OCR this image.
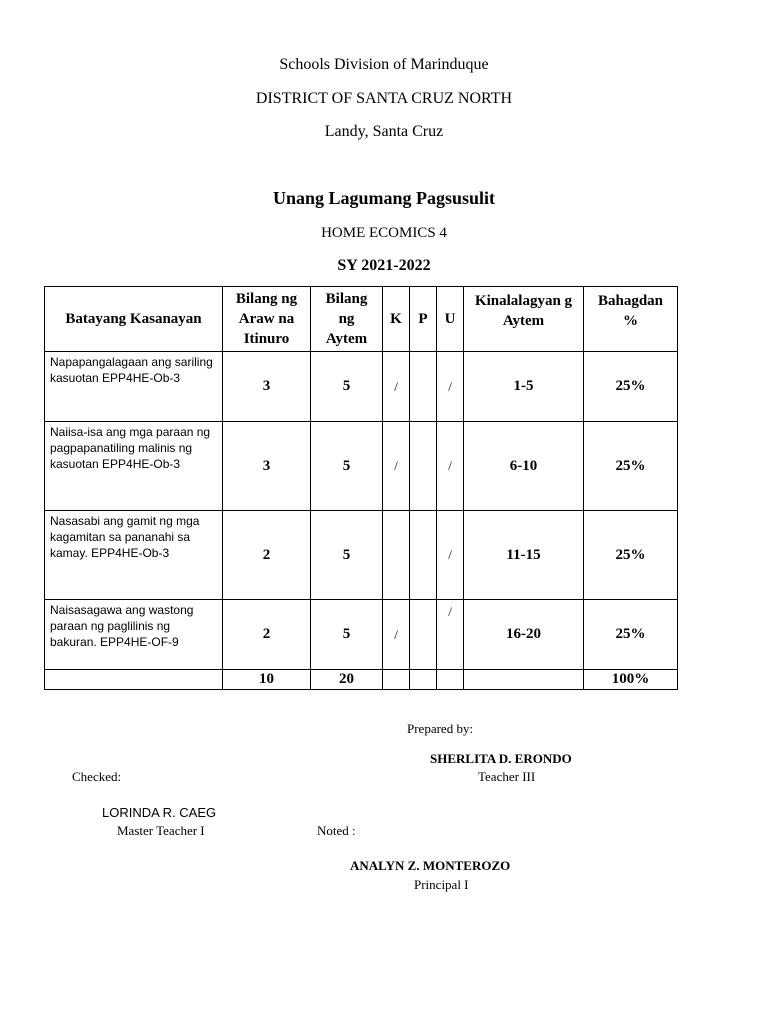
Schools Division of Marinduque
DISTRICT OF SANTA CRUZ NORTH
Landy, Santa Cruz
Unang Lagumang Pagsusulit
HOME ECOMICS 4
SY 2021-2022
Batayang Kasanayan	Bilang ng Araw na Itinuro	Bilang ng Aytem	K	P	U	Kinalalagyan g Aytem	Bahagdan %
Napapangalagaan ang sariling kasuotan EPP4HE-Ob-3	3	5	/		/	1-5	25%
Naiisa-isa ang mga paraan ng pagpapanatiling malinis ng kasuotan EPP4HE-Ob-3	3	5	/		/	6-10	25%
Nasasabi ang gamit ng mga kagamitan sa pananahi sa kamay. EPP4HE-Ob-3	2	5			/	11-15	25%
Naisasagawa ang wastong paraan ng paglilinis ng bakuran. EPP4HE-OF-9	2	5	/		/	16-20	25%
	10	20					100%
Prepared by:
SHERLITA D. ERONDO
Teacher III
Checked:
LORINDA R. CAEG
Master Teacher I	Noted :
ANALYN Z. MONTEROZO
Principal I
